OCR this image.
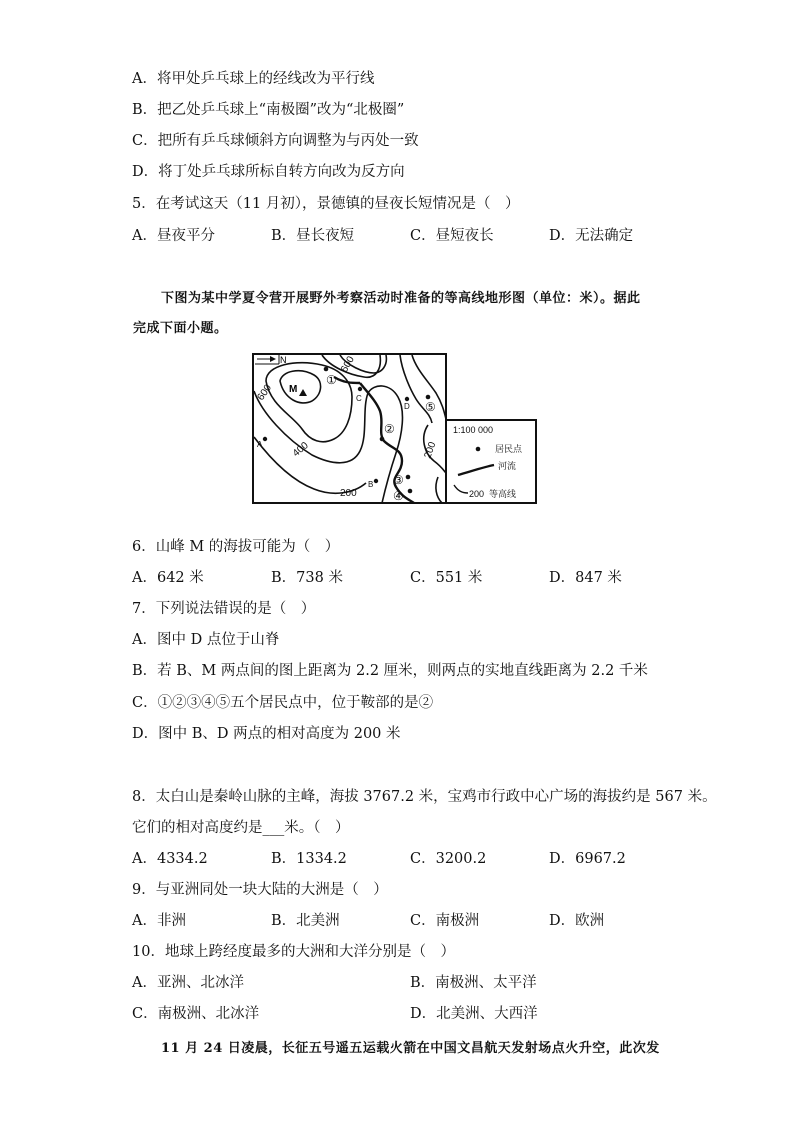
A．将甲处乒乓球上的经线改为平行线
B．把乙处乒乓球上“南极圈”改为“北极圈”
C．把所有乒乓球倾斜方向调整为与丙处一致
D．将丁处乒乓球所标自转方向改为反方向
5．在考试这天（11 月初），景德镇的昼夜长短情况是（　）
A．昼夜平分	B．昼长夜短	C．昼短夜长	D．无法确定
下图为某中学夏令营开展野外考察活动时准备的等高线地形图（单位：米）。据此
完成下面小题。
N
M
600
600
400
200
200
A
B
C
D
①
②
③
④
⑤
1:100 000
居民点
河流
200 等高线
6．山峰 M 的海拔可能为（　）
A．642 米	B．738 米	C．551 米	D．847 米
7．下列说法错误的是（　）
A．图中 D 点位于山脊
B．若 B、M 两点间的图上距离为 2.2 厘米，则两点的实地直线距离为 2.2 千米
C．①②③④⑤五个居民点中，位于鞍部的是②
D．图中 B、D 两点的相对高度为 200 米
8．太白山是秦岭山脉的主峰，海拔 3767.2 米，宝鸡市行政中心广场的海拔约是 567 米。
它们的相对高度约是___米。（　）
A．4334.2	B．1334.2	C．3200.2	D．6967.2
9．与亚洲同处一块大陆的大洲是（　）
A．非洲	B．北美洲	C．南极洲	D．欧洲
10．地球上跨经度最多的大洲和大洋分别是（　）
A．亚洲、北冰洋	B．南极洲、太平洋
C．南极洲、北冰洋	D．北美洲、大西洋
11 月 24 日凌晨，长征五号遥五运载火箭在中国文昌航天发射场点火升空，此次发
